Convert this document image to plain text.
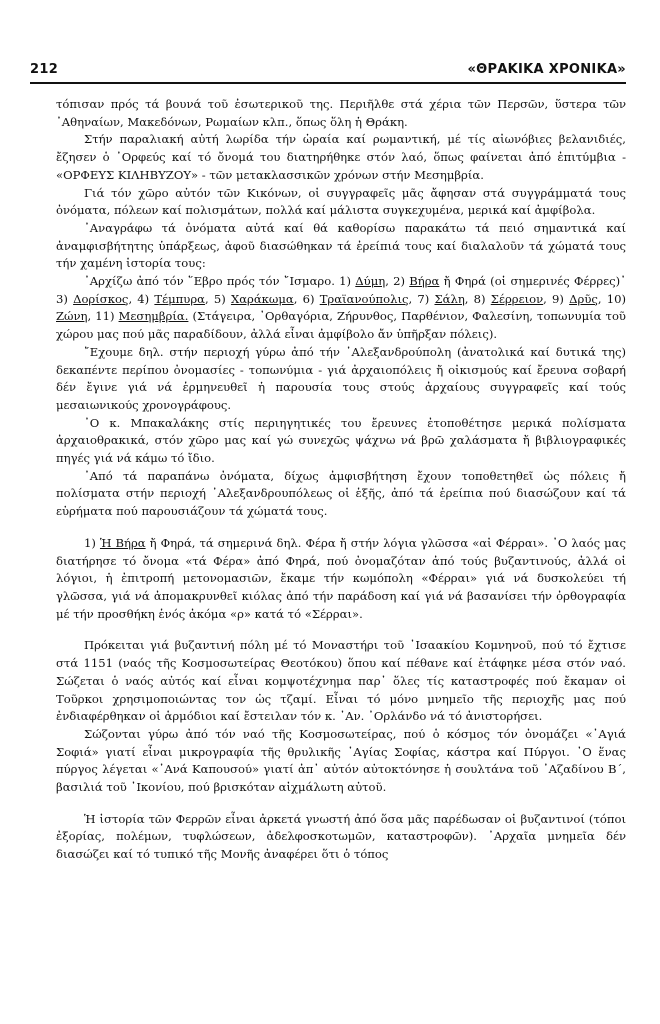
212	«ΘΡΑΚΙΚΑ ΧΡΟΝΙΚΑ»

τόπισαν πρός τά βουνά τοῦ ἐσωτερικοῦ της. Περιῆλθε στά χέρια τῶν Περσῶν, ὕστερα τῶν ᾿Αθηναίων, Μακεδόνων, Ρωμαίων κλπ., ὅπως ὅλη ἡ Θράκη.

Στήν παραλιακή αὐτή λωρίδα τήν ὡραία καί ρωμαντική, μέ τίς αἰωνόβιες βελανιδιές, ἔζησεν ὁ ᾿Ορφεύς καί τό ὄνομά του διατηρήθηκε στόν λαό, ὅπως φαίνεται ἀπό ἐπιτύμβια - «ΟΡΦΕΥΣ ΚΙΛΗΒΥΖΟΥ» - τῶν μετακλασσικῶν χρόνων στήν Μεσημβρία.

Γιά τόν χῶρο αὐτόν τῶν Κικόνων, οἱ συγγραφεῖς μᾶς ἄφησαν στά συγγράμματά τους ὀνόματα, πόλεων καί πολισμάτων, πολλά καί μάλιστα συγκεχυμένα, μερικά καί ἀμφίβολα.

᾿Αναγράφω τά ὀνόματα αὐτά καί θά καθορίσω παρακάτω τά πειό σημαντικά καί ἀναμφισβήτητης ὑπάρξεως, ἀφοῦ διασώθηκαν τά ἐρείπιά τους καί διαλαλοῦν τά χώματά τους τήν χαμένη ἱστορία τους:

᾿Αρχίζω ἀπό τόν ῞Εβρο πρός τόν ῎Ισμαρο. 1) Δύμη, 2) Βήρα ἤ Φηρά (οἱ σημερινές Φέρρες)᾿ 3) Δορίσκος, 4) Τέμπυρα, 5) Χαράκωμα, 6) Τραϊανούπολις, 7) Σάλη, 8) Σέρρειον, 9) Δρῦς, 10) Ζώνη, 11) Μεσημβρία. (Στάγειρα, ᾿Ορθαγόρια, Ζήρυνθος, Παρθένιον, Φαλεσίνη, τοπωνυμία τοῦ χώρου μας πού μᾶς παραδίδουν, ἀλλά εἶναι ἀμφίβολο ἄν ὑπῆρξαν πόλεις).

῎Εχουμε δηλ. στήν περιοχή γύρω ἀπό τήν ᾿Αλεξανδρούπολη (ἀνατολικά καί δυτικά της) δεκαπέντε περίπου ὀνομασίες - τοπωνύμια - γιά ἀρχαιοπόλεις ἤ οἰκισμούς καί ἔρευνα σοβαρή δέν ἔγινε γιά νά ἑρμηνευθεῖ ἡ παρουσία τους στούς ἀρχαίους συγγραφεῖς καί τούς μεσαιωνικούς χρονογράφους.

᾿Ο κ. Μπακαλάκης στίς περιηγητικές του ἔρευνες ἐτοποθέτησε μερικά πολίσματα ἀρχαιοθρακικά, στόν χῶρο μας καί γώ συνεχῶς ψάχνω νά βρῶ χαλάσματα ἤ βιβλιογραφικές πηγές γιά νά κάμω τό ἴδιο.

᾿Από τά παραπάνω ὀνόματα, δίχως ἀμφισβήτηση ἔχουν τοποθετηθεῖ ὡς πόλεις ἤ πολίσματα στήν περιοχή ᾿Αλεξανδρουπόλεως οἱ ἑξῆς, ἀπό τά ἐρείπια πού διασώζουν καί τά εὑρήματα πού παρουσιάζουν τά χώματά τους.

1) Ἡ Βήρα ἤ Φηρά, τά σημερινά δηλ. Φέρα ἤ στήν λόγια γλῶσσα «αἱ Φέρραι». ᾿Ο λαός μας διατήρησε τό ὄνομα «τά Φέρα» ἀπό Φηρά, πού ὀνομαζόταν ἀπό τούς βυζαντινούς, ἀλλά οἱ λόγιοι, ἡ ἐπιτροπή μετονομασιῶν, ἔκαμε τήν κωμόπολη «Φέρραι» γιά νά δυσκολεύει τή γλῶσσα, γιά νά ἀπομακρυνθεῖ κιόλας ἀπό τήν παράδοση καί γιά νά βασανίσει τήν ὀρθογραφία μέ τήν προσθήκη ἑνός ἀκόμα «ρ» κατά τό «Σέρραι».

Πρόκειται γιά βυζαντινή πόλη μέ τό Μοναστήρι τοῦ ᾿Ισαακίου Κομνηνοῦ, πού τό ἔχτισε στά 1151 (ναός τῆς Κοσμοσωτείρας Θεοτόκου) ὅπου καί πέθανε καί ἐτάφηκε μέσα στόν ναό. Σώζεται ὁ ναός αὐτός καί εἶναι κομψοτέχνημα παρ᾿ ὅλες τίς καταστροφές πού ἔκαμαν οἱ Τοῦρκοι χρησιμοποιώντας τον ὡς τζαμί. Εἶναι τό μόνο μνημεῖο τῆς περιοχῆς μας πού ἐνδιαφέρθηκαν οἱ ἁρμόδιοι καί ἔστειλαν τόν κ. ᾿Αν. ᾿Ορλάνδο νά τό ἀνιστορήσει.

Σώζονται γύρω ἀπό τόν ναό τῆς Κοσμοσωτείρας, πού ὁ κόσμος τόν ὀνομάζει «᾿Αγιά Σοφιά» γιατί εἶναι μικρογραφία τῆς θρυλικῆς ῾Αγίας Σοφίας, κάστρα καί Πύργοι. ᾿Ο ἕνας πύργος λέγεται «᾿Ανά Καπουσού» γιατί ἀπ᾿ αὐτόν αὐτοκτόνησε ἡ σουλτάνα τοῦ ᾿Αζαδίνου Β΄, βασιλιά τοῦ ᾿Ικονίου, πού βρισκόταν αἰχμάλωτη αὐτοῦ.

Ἡ ἱστορία τῶν Φερρῶν εἶναι ἀρκετά γνωστή ἀπό ὅσα μᾶς παρέδωσαν οἱ βυζαντινοί (τόποι ἐξορίας, πολέμων, τυφλώσεων, ἀδελφοσκοτωμῶν, καταστροφῶν). ᾿Αρχαῖα μνημεῖα δέν διασώζει καί τό τυπικό τῆς Μονῆς ἀναφέρει ὅτι ὁ τόπος
